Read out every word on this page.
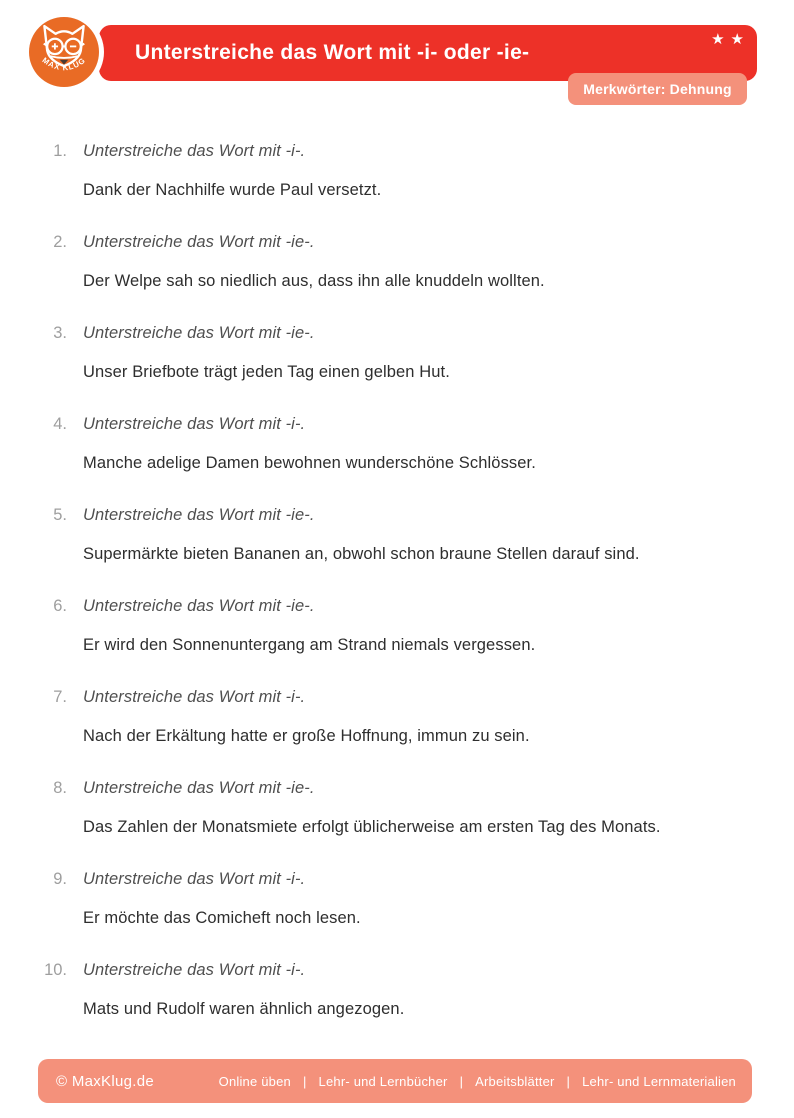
Unterstreiche das Wort mit -i- oder -ie-
★ ★
MAX KLUG
Merkwörter: Dehnung
1. Unterstreiche das Wort mit -i-.
Dank der Nachhilfe wurde Paul versetzt.
2. Unterstreiche das Wort mit -ie-.
Der Welpe sah so niedlich aus, dass ihn alle knuddeln wollten.
3. Unterstreiche das Wort mit -ie-.
Unser Briefbote trägt jeden Tag einen gelben Hut.
4. Unterstreiche das Wort mit -i-.
Manche adelige Damen bewohnen wunderschöne Schlösser.
5. Unterstreiche das Wort mit -ie-.
Supermärkte bieten Bananen an, obwohl schon braune Stellen darauf sind.
6. Unterstreiche das Wort mit -ie-.
Er wird den Sonnenuntergang am Strand niemals vergessen.
7. Unterstreiche das Wort mit -i-.
Nach der Erkältung hatte er große Hoffnung, immun zu sein.
8. Unterstreiche das Wort mit -ie-.
Das Zahlen der Monatsmiete erfolgt üblicherweise am ersten Tag des Monats.
9. Unterstreiche das Wort mit -i-.
Er möchte das Comicheft noch lesen.
10. Unterstreiche das Wort mit -i-.
Mats und Rudolf waren ähnlich angezogen.
© MaxKlug.de	Online üben | Lehr- und Lernbücher | Arbeitsblätter | Lehr- und Lernmaterialien
